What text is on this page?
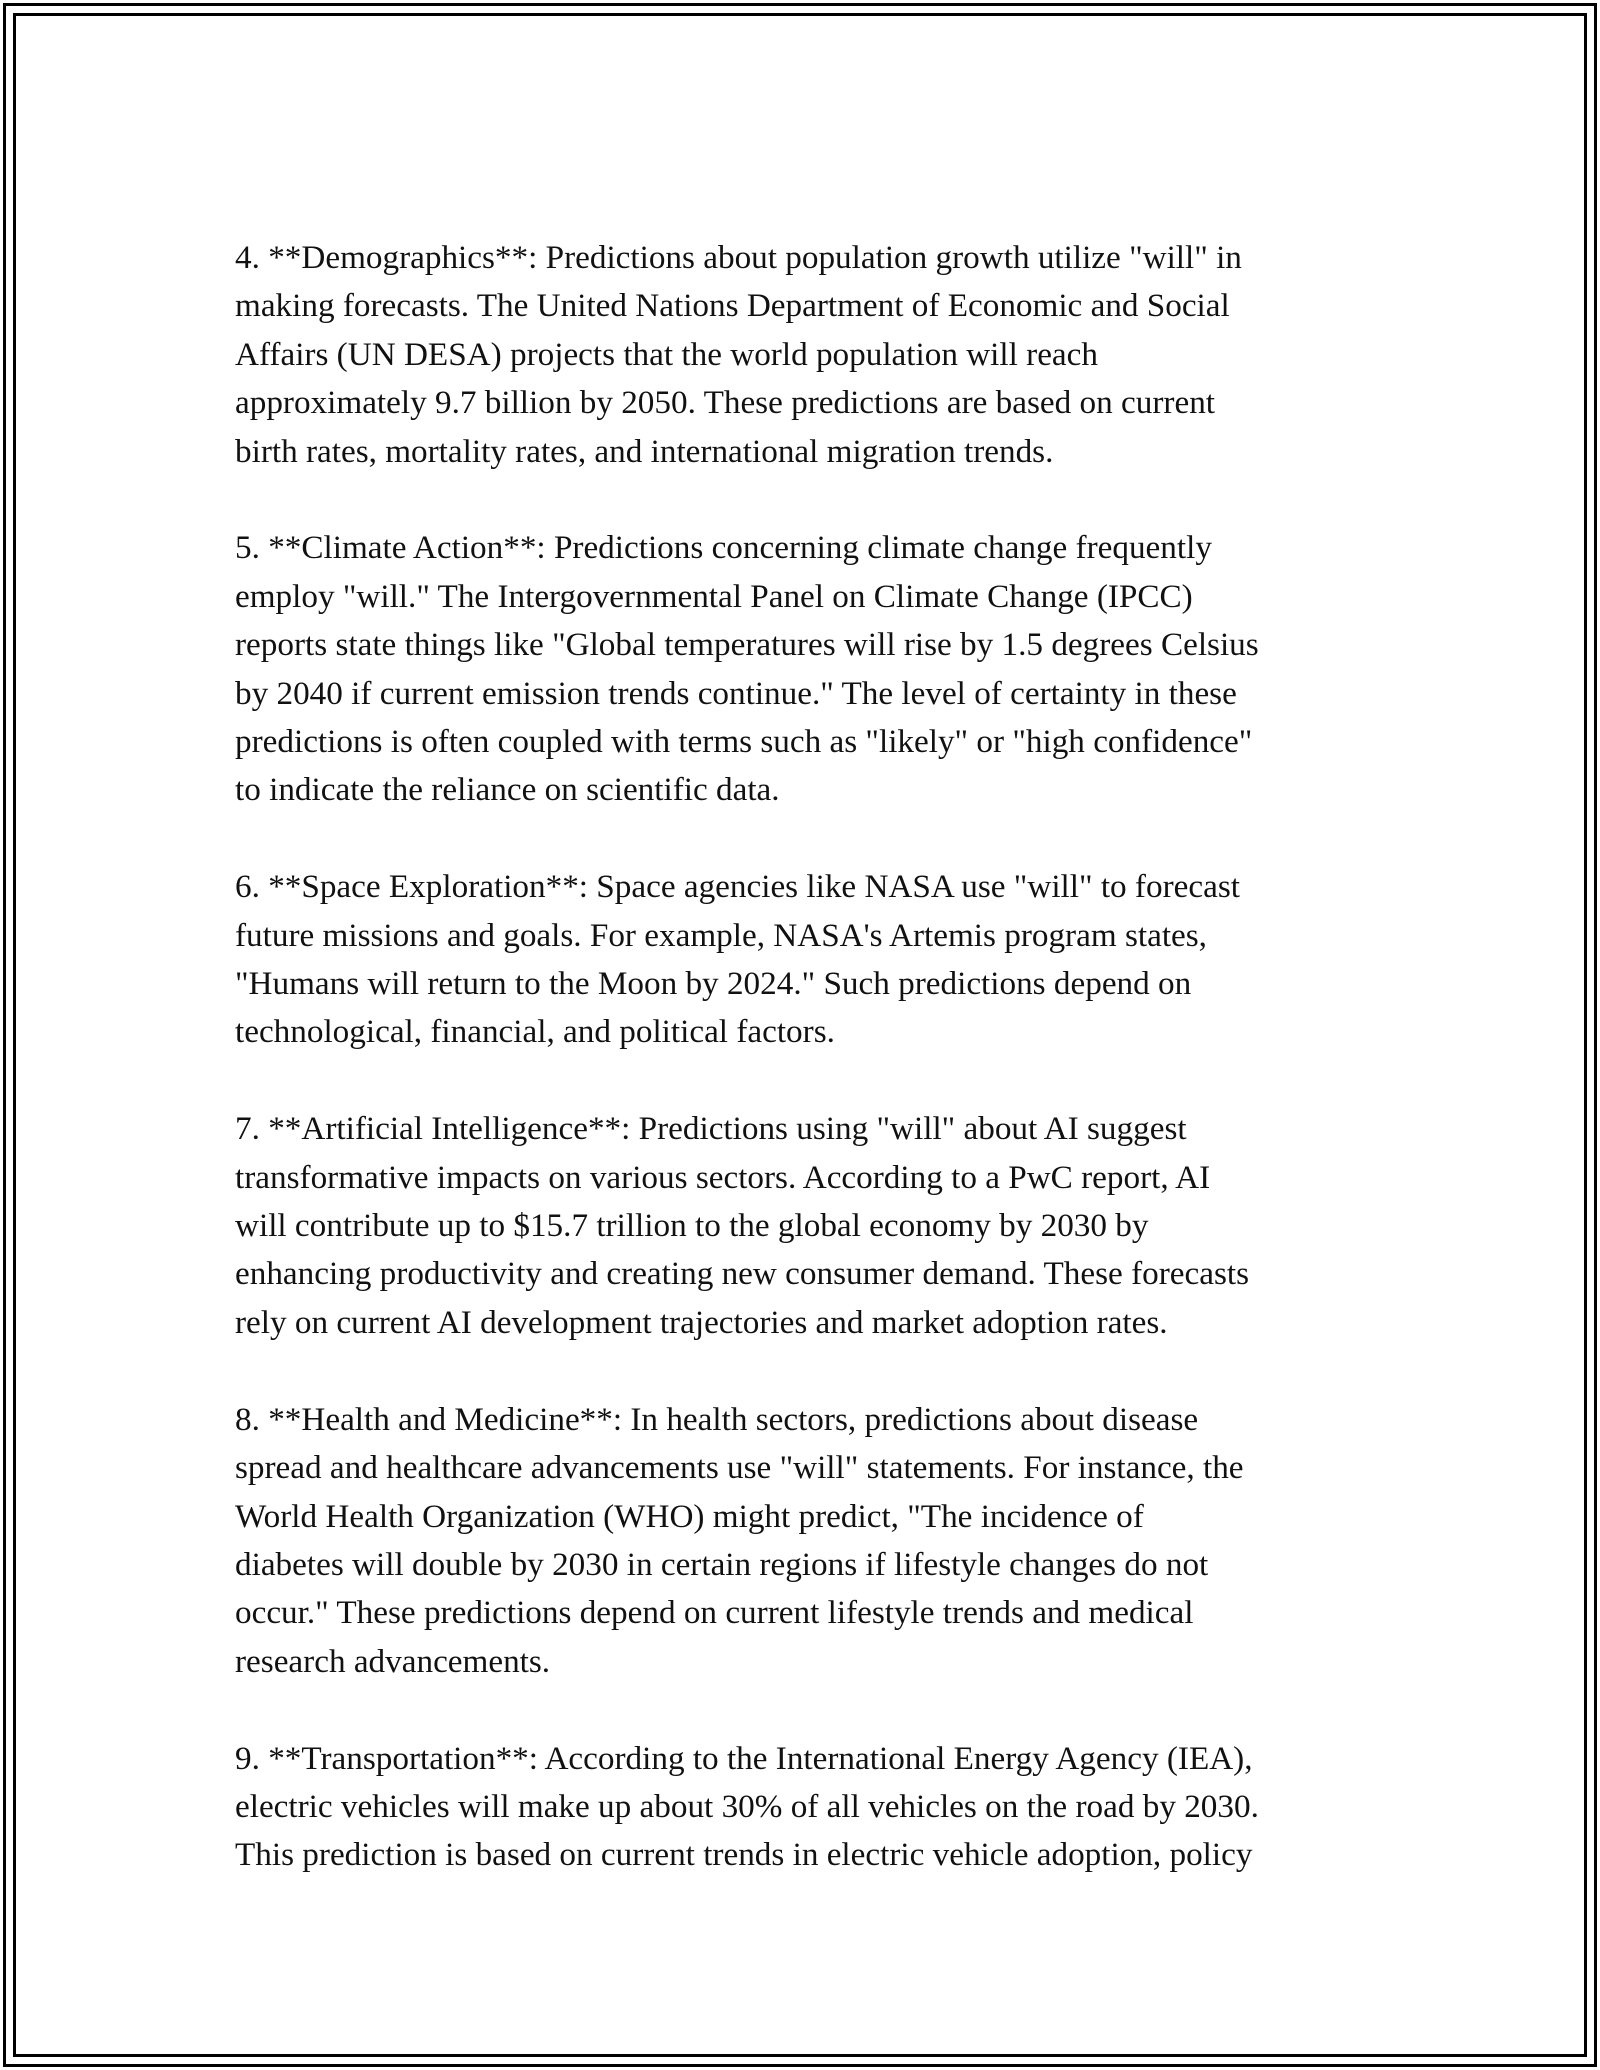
4. **Demographics**: Predictions about population growth utilize "will" in
making forecasts. The United Nations Department of Economic and Social
Affairs (UN DESA) projects that the world population will reach
approximately 9.7 billion by 2050. These predictions are based on current
birth rates, mortality rates, and international migration trends.

5. **Climate Action**: Predictions concerning climate change frequently
employ "will." The Intergovernmental Panel on Climate Change (IPCC)
reports state things like "Global temperatures will rise by 1.5 degrees Celsius
by 2040 if current emission trends continue." The level of certainty in these
predictions is often coupled with terms such as "likely" or "high confidence"
to indicate the reliance on scientific data.

6. **Space Exploration**: Space agencies like NASA use "will" to forecast
future missions and goals. For example, NASA's Artemis program states,
"Humans will return to the Moon by 2024." Such predictions depend on
technological, financial, and political factors.

7. **Artificial Intelligence**: Predictions using "will" about AI suggest
transformative impacts on various sectors. According to a PwC report, AI
will contribute up to $15.7 trillion to the global economy by 2030 by
enhancing productivity and creating new consumer demand. These forecasts
rely on current AI development trajectories and market adoption rates.

8. **Health and Medicine**: In health sectors, predictions about disease
spread and healthcare advancements use "will" statements. For instance, the
World Health Organization (WHO) might predict, "The incidence of
diabetes will double by 2030 in certain regions if lifestyle changes do not
occur." These predictions depend on current lifestyle trends and medical
research advancements.

9. **Transportation**: According to the International Energy Agency (IEA),
electric vehicles will make up about 30% of all vehicles on the road by 2030.
This prediction is based on current trends in electric vehicle adoption, policy
